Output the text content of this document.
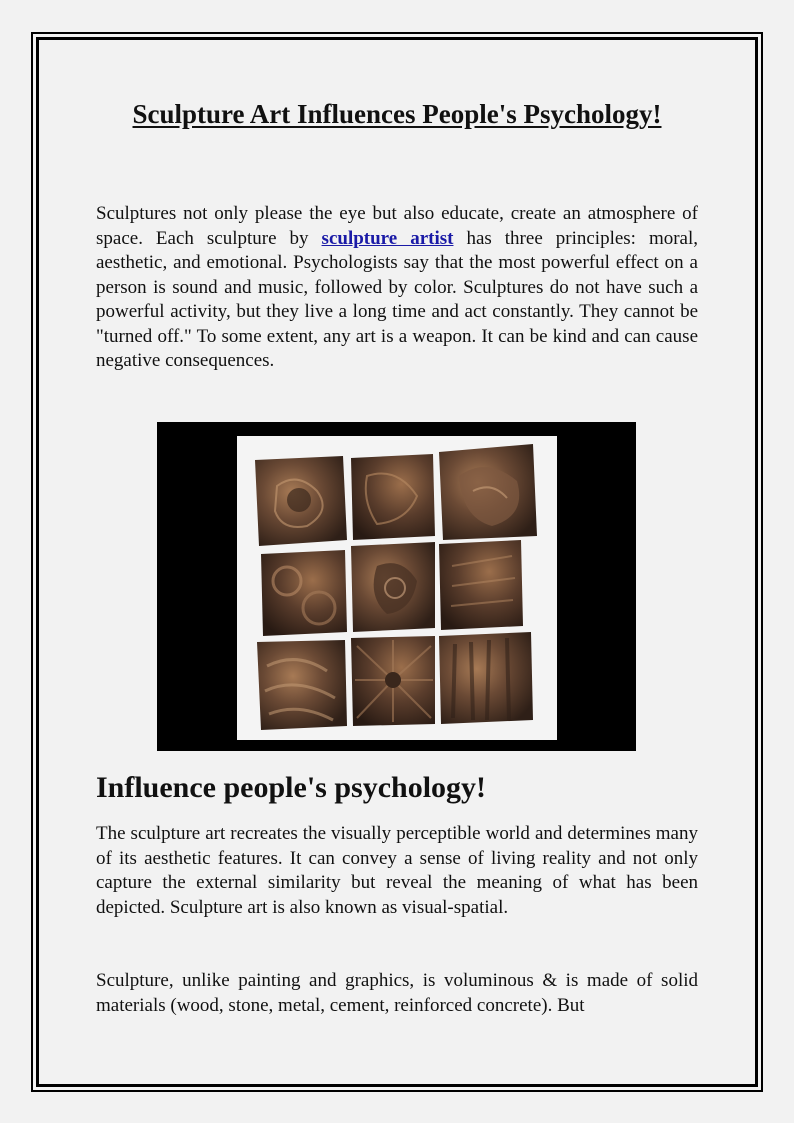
Sculpture Art Influences People's Psychology!

Sculptures not only please the eye but also educate, create an atmosphere of space. Each sculpture by sculpture artist has three principles: moral, aesthetic, and emotional. Psychologists say that the most powerful effect on a person is sound and music, followed by color. Sculptures do not have such a powerful activity, but they live a long time and act constantly. They cannot be "turned off." To some extent, any art is a weapon. It can be kind and can cause negative consequences.

Influence people's psychology!

The sculpture art recreates the visually perceptible world and determines many of its aesthetic features. It can convey a sense of living reality and not only capture the external similarity but reveal the meaning of what has been depicted. Sculpture art is also known as visual-spatial.

Sculpture, unlike painting and graphics, is voluminous & is made of solid materials (wood, stone, metal, cement, reinforced concrete). But
